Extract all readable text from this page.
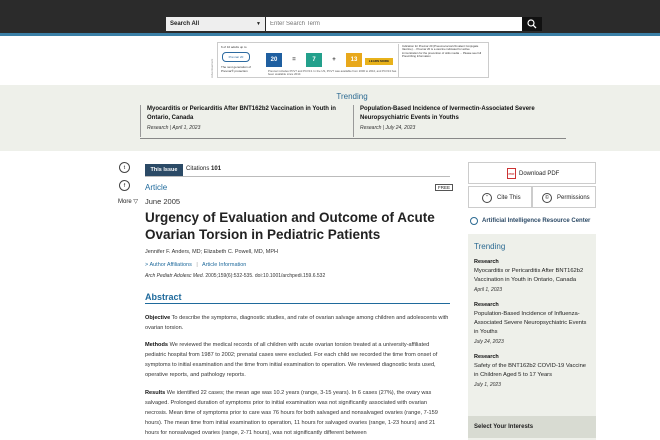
Search All	▼
Enter Search Term
Advertisement
6 of 10 adults up to
Prevnar 20
The next generation of Prevnar® protection
20	=	7	+	13	LEARN MORE
Prevnar includes PCV7 and PCV13. In the US, PCV7 was available from 2000 to 2010, and PCV13 has been available since 2010.
Indication for Prevnar 20 (Pneumococcal 20-valent Conjugate Vaccine) ... Prevnar 20 is a vaccine indicated for active immunization for the prevention of otitis media ... Please see full Prescribing Information
Trending
Myocarditis or Pericarditis After BNT162b2 Vaccination in Youth in Ontario, Canada
Research | April 1, 2023
Population-Based Incidence of Ivermectin-Associated Severe Neuropsychiatric Events in Youths
Research | July 24, 2023
t
f
More ▽
This Issue	Citations 101
Article	FREE
June 2005
Urgency of Evaluation and Outcome of Acute Ovarian Torsion in Pediatric Patients
Jennifer F. Anders, MD; Elizabeth C. Powell, MD, MPH
> Author Affiliations | Article Information
Arch Pediatr Adolesc Med. 2005;159(6):532-535. doi:10.1001/archpedi.159.6.532
Abstract

Objective To describe the symptoms, diagnostic studies, and rate of ovarian salvage among children and adolescents with ovarian torsion.

Methods We reviewed the medical records of all children with acute ovarian torsion treated at a university-affiliated pediatric hospital from 1987 to 2002; prenatal cases were excluded. For each child we recorded the time from onset of symptoms to initial examination and the time from initial examination to operation. We reviewed diagnostic tests used, operative reports, and pathology reports.

Results We identified 22 cases; the mean age was 10.2 years (range, 3-15 years). In 6 cases (27%), the ovary was salvaged. Prolonged duration of symptoms prior to initial examination was not significantly associated with ovarian necrosis. Mean time of symptoms prior to care was 76 hours for both salvaged and nonsalvaged ovaries (range, 7-159 hours). The mean time from initial examination to operation, 11 hours for salvaged ovaries (range, 1-23 hours) and 21 hours for nonsalvaged ovaries (range, 2-71 hours), was not significantly different between

PDF Download PDF
“	Cite This	©	Permissions
Artificial Intelligence Resource Center
Trending
Research
Myocarditis or Pericarditis After BNT162b2 Vaccination in Youth in Ontario, Canada
April 1, 2023
Research
Population-Based Incidence of Influenza-Associated Severe Neuropsychiatric Events in Youths
July 24, 2023
Research
Safety of the BNT162b2 COVID-19 Vaccine in Children Aged 5 to 17 Years
July 1, 2023
Select Your Interests
